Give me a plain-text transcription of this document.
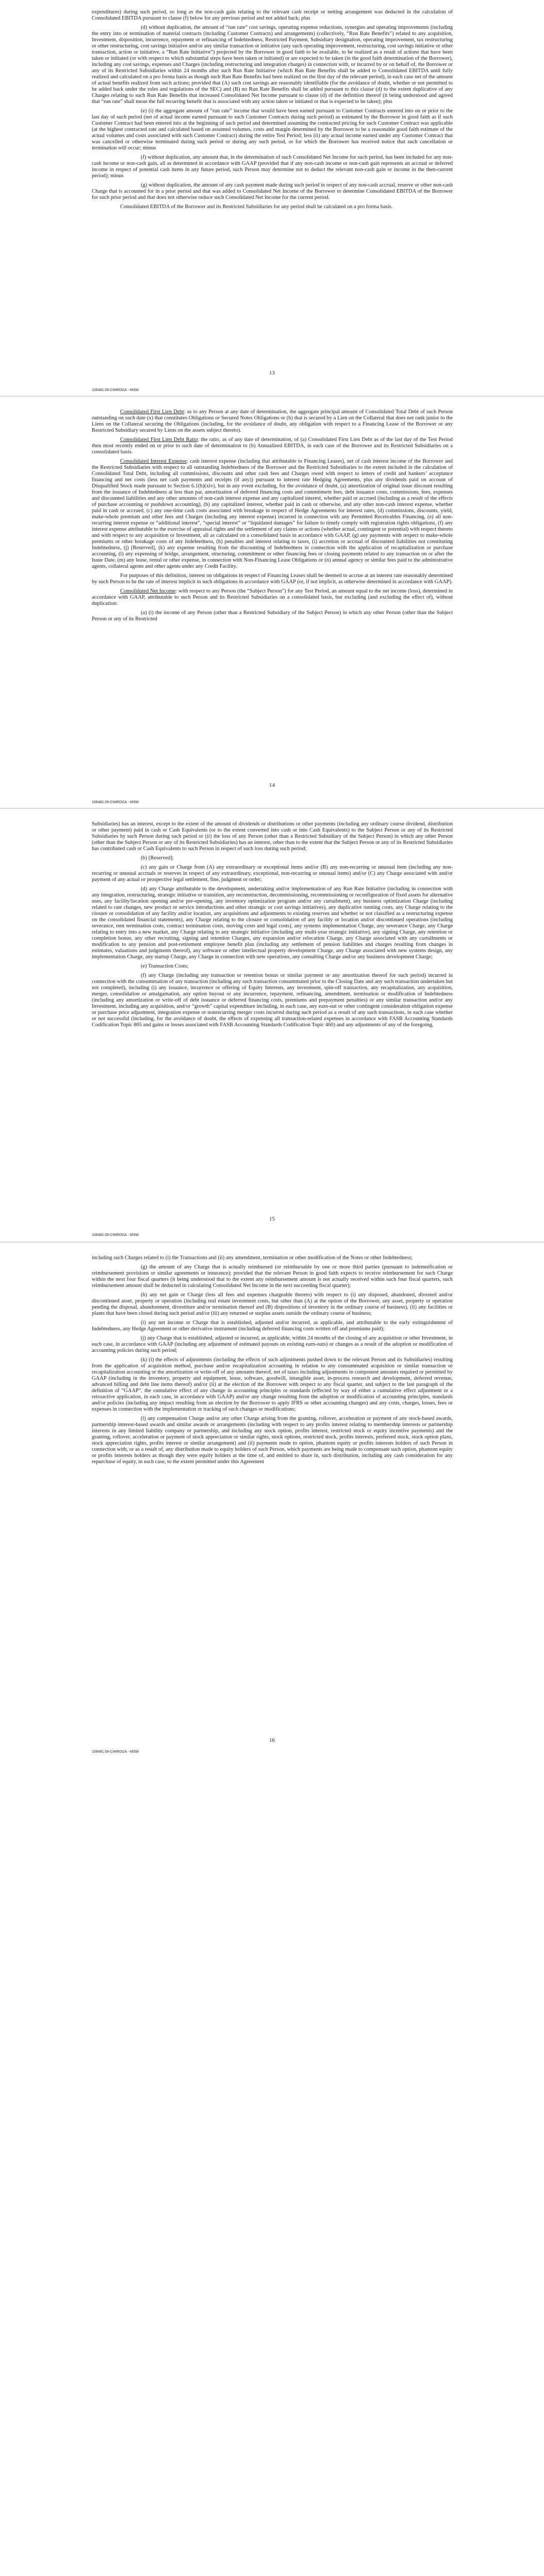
expenditures) during such period, so long as the non-cash gain relating to the relevant cash receipt or netting arrangement was deducted in the calculation of Consolidated EBITDA pursuant to clause (f) below for any previous period and not added back; plus

(d) without duplication, the amount of “run rate” cost savings, operating expense reductions, synergies and operating improvements (including the entry into or termination of material contracts (including Customer Contracts) and arrangements) (collectively, “Run Rate Benefits”) related to any acquisition, Investment, disposition, incurrence, repayment or refinancing of Indebtedness, Restricted Payment, Subsidiary designation, operating improvement, tax restructuring or other restructuring, cost savings initiative and/or any similar transaction or initiative (any such operating improvement, restructuring, cost savings initiative or other transaction, action or initiative, a “Run Rate Initiative”) projected by the Borrower in good faith to be available, to be realized as a result of actions that have been taken or initiated (or with respect to which substantial steps have been taken or initiated) or are expected to be taken (in the good faith determination of the Borrower), including any cost savings, expenses and Charges (including restructuring and integration charges) in connection with, or incurred by or on behalf of, the Borrower or any of its Restricted Subsidiaries within 24 months after such Run Rate Initiative (which Run Rate Benefits shall be added to Consolidated EBITDA until fully realized and calculated on a pro forma basis as though such Run Rate Benefits had been realized on the first day of the relevant period), in each case net of the amount of actual benefits realized from such actions; provided that (A) such cost savings are reasonably identifiable (for the avoidance of doubt, whether or not permitted to be added back under the rules and regulations of the SEC) and (B) no Run Rate Benefits shall be added pursuant to this clause (d) to the extent duplicative of any Charges relating to such Run Rate Benefits that increased Consolidated Net Income pursuant to clause (d) of the definition thereof (it being understood and agreed that “run rate” shall mean the full recurring benefit that is associated with any action taken or initiated or that is expected to be taken); plus

(e) (i) the aggregate amount of “run rate” income that would have been earned pursuant to Customer Contracts entered into on or prior to the last day of such period (net of actual income earned pursuant to such Customer Contracts during such period) as estimated by the Borrower in good faith as if such Customer Contract had been entered into at the beginning of such period and determined assuming the contracted pricing for such Customer Contract was applicable (at the highest contracted rate and calculated based on assumed volumes, costs and margin determined by the Borrower to be a reasonable good faith estimate of the actual volumes and costs associated with such Customer Contract) during the entire Test Period; less (ii) any actual income earned under any Customer Contract that was cancelled or otherwise terminated during such period or during any such period, or for which the Borrower has received notice that such cancellation or termination will occur; minus

(f) without duplication, any amount that, in the determination of such Consolidated Net Income for such period, has been included for any non-cash income or non-cash gain, all as determined in accordance with GAAP (provided that if any non-cash income or non-cash gain represents an accrual or deferred income in respect of potential cash items in any future period, such Person may determine not to deduct the relevant non-cash gain or income in the then-current period); minus

(g) without duplication, the amount of any cash payment made during such period in respect of any non-cash accrual, reserve or other non-cash Charge that is accounted for in a prior period and that was added to Consolidated Net Income of the Borrower to determine Consolidated EBITDA of the Borrower for such prior period and that does not otherwise reduce such Consolidated Net Income for the current period.

Consolidated EBITDA of the Borrower and its Restricted Subsidiaries for any period shall be calculated on a pro forma basis.

13
106481.06-CHIROGA - MSW

Consolidated First Lien Debt: as to any Person at any date of determination, the aggregate principal amount of Consolidated Total Debt of such Person outstanding on such date (x) that constitutes Obligations or Secured Notes Obligations or (b) that is secured by a Lien on the Collateral that does not rank junior to the Liens on the Collateral securing the Obligations (including, for the avoidance of doubt, any obligation with respect to a Financing Lease of the Borrower or any Restricted Subsidiary secured by Liens on the assets subject thereto).

Consolidated First Lien Debt Ratio: the ratio, as of any date of determination, of (a) Consolidated First Lien Debt as of the last day of the Test Period then most recently ended on or prior to such date of determination to (b) Annualized EBITDA, in each case of the Borrower and its Restricted Subsidiaries on a consolidated basis.

Consolidated Interest Expense: cash interest expense (including that attributable to Financing Leases), net of cash interest income of the Borrower and the Restricted Subsidiaries with respect to all outstanding Indebtedness of the Borrower and the Restricted Subsidiaries to the extent included in the calculation of Consolidated Total Debt, including all commissions, discounts and other cash fees and Charges owed with respect to letters of credit and bankers’ acceptance financing and net costs (less net cash payments and receipts (if any)) pursuant to interest rate Hedging Agreements, plus any dividends paid on account of Disqualified Stock made pursuant to Section 6.1(b)(xiv), but in any event excluding, for the avoidance of doubt, (a) amortization of original issue discount resulting from the issuance of Indebtedness at less than par, amortization of deferred financing costs and commitment fees, debt issuance costs, commissions, fees, expenses and discounted liabilities and any other amounts of non-cash interest expense and any capitalized interest, whether paid or accrued (including as a result of the effects of purchase accounting or pushdown accounting), (b) any capitalized interest, whether paid in cash or otherwise, and any other non-cash interest expense, whether paid in cash or accrued, (c) any one-time cash costs associated with breakage in respect of Hedge Agreements for interest rates, (d) commissions, discounts, yield, make-whole premium and other fees and Charges (including any interest expense) incurred in connection with any Permitted Receivables Financing, (e) all non-recurring interest expense or “additional interest”, “special interest” or “liquidated damages” for failure to timely comply with registration rights obligations, (f) any interest expense attributable to the exercise of appraisal rights and the settlement of any claims or actions (whether actual, contingent or potential) with respect thereto and with respect to any acquisition or Investment, all as calculated on a consolidated basis in accordance with GAAP, (g) any payments with respect to make-whole premiums or other breakage costs of any Indebtedness, (h) penalties and interest relating to taxes, (i) accretion or accrual of discounted liabilities not constituting Indebtedness, (j) [Reserved], (k) any expense resulting from the discounting of Indebtedness in connection with the application of recapitalization or purchase accounting, (l) any expensing of bridge, arrangement, structuring, commitment or other financing fees or closing payments related to any transaction on or after the Issue Date, (m) any lease, rental or other expense, in connection with Non-Financing Lease Obligations or (n) annual agency or similar fees paid to the administrative agents, collateral agents and other agents under any Credit Facility.

For purposes of this definition, interest on obligations in respect of Financing Leases shall be deemed to accrue at an interest rate reasonably determined by such Person to be the rate of interest implicit in such obligations in accordance with GAAP (or, if not implicit, as otherwise determined in accordance with GAAP).

Consolidated Net Income: with respect to any Person (the “Subject Person”) for any Test Period, an amount equal to the net income (loss), determined in accordance with GAAP, attributable to such Person and its Restricted Subsidiaries on a consolidated basis, but excluding (and excluding the effect of), without duplication:

(a) (i) the income of any Person (other than a Restricted Subsidiary of the Subject Person) in which any other Person (other than the Subject Person or any of its Restricted

14
106481.06-CHIROGA - MSW

Subsidiaries) has an interest, except to the extent of the amount of dividends or distributions or other payments (including any ordinary course dividend, distribution or other payment) paid in cash or Cash Equivalents (or to the extent converted into cash or into Cash Equivalents) to the Subject Person or any of its Restricted Subsidiaries by such Person during such period or (ii) the loss of any Person (other than a Restricted Subsidiary of the Subject Person) in which any other Person (other than the Subject Person or any of its Restricted Subsidiaries) has an interest, other than to the extent that the Subject Person or any of its Restricted Subsidiaries has contributed cash or Cash Equivalents to such Person in respect of such loss during such period;

(b) [Reserved];

(c) any gain or Charge from (A) any extraordinary or exceptional items and/or (B) any non-recurring or unusual item (including any non-recurring or unusual accruals or reserves in respect of any extraordinary, exceptional, non-recurring or unusual items) and/or (C) any Charge associated with and/or payment of any actual or prospective legal settlement, fine, judgment or order;

(d) any Charge attributable to the development, undertaking and/or implementation of any Run Rate Initiative (including in connection with any integration, restructuring, strategic initiative or transition, any reconstruction, decommissioning, recommissioning or reconfiguration of fixed assets for alternative uses, any facility/location opening and/or pre-opening, any inventory optimization program and/or any curtailment), any business optimization Charge (including related to rate changes, new product or service introductions and other strategic or cost savings initiatives), any duplicative running costs, any Charge relating to the closure or consolidation of any facility and/or location, any acquisitions and adjustments to existing reserves and whether or not classified as a restructuring expense on the consolidated financial statements), any Charge relating to the closure or consolidation of any facility or location and/or discontinued operations (including severance, rent termination costs, contract termination costs, moving costs and legal costs), any systems implementation Charge, any severance Charge, any Charge relating to entry into a new market, any Charge relating to any strategic initiative (including any multi-year strategic initiative), any signing Charge, any retention or completion bonus, any other recruiting, signing and retention Charges, any expansion and/or relocation Charge, any Charge associated with any curtailments or modification to any pension and post-retirement employee benefit plan (including any settlement of pension liabilities and charges resulting from changes in estimates, valuations and judgments thereof), any software or other intellectual property development Charge, any Charge associated with new systems design, any implementation Charge, any startup Charge, any Charge in connection with new operations, any consulting Charge and/or any business development Charge;

(e) Transaction Costs;

(f) any Charge (including any transaction or retention bonus or similar payment or any amortization thereof for such period) incurred in connection with the consummation of any transaction (including any such transaction consummated prior to the Closing Date and any such transaction undertaken but not completed), including (i) any issuance, incurrence or offering of Equity Interests, any investment, spin-off transaction, any recapitalization, any acquisition, merger, consolidation or amalgamation, any option buyout or any incurrence, repayment, refinancing, amendment, termination or modification of Indebtedness (including any amortization or write-off of debt issuance or deferred financing costs, premiums and prepayment penalties) or any similar transaction and/or any Investment, including any acquisition, and/or “growth” capital expenditure including, in each case, any earn-out or other contingent consideration obligation expense or purchase price adjustment, integration expense or nonrecurring merger costs incurred during such period as a result of any such transactions, in each case whether or not successful (including, for the avoidance of doubt, the effects of expensing all transaction-related expenses in accordance with FASB Accounting Standards Codification Topic 805 and gains or losses associated with FASB Accounting Standards Codification Topic 460) and any adjustments of any of the foregoing,

15
106481.06-CHIROGA - MSW

including such Charges related to (i) the Transactions and (ii) any amendment, termination or other modification of the Notes or other Indebtedness;

(g) the amount of any Charge that is actually reimbursed (or reimbursable by one or more third parties (pursuant to indemnification or reimbursement provisions or similar agreements or insurance); provided that the relevant Person in good faith expects to receive reimbursement for such Charge within the next four fiscal quarters (it being understood that to the extent any reimbursement amount is not actually received within such four fiscal quarters, such reimbursement amount shall be deducted in calculating Consolidated Net Income in the next succeeding fiscal quarter);

(h) any net gain or Charge (less all fees and expenses chargeable thereto) with respect to (i) any disposed, abandoned, divested and/or discontinued asset, property or operation (including real estate investment costs, but other than (A) at the option of the Borrower, any asset, property or operation pending the disposal, abandonment, divestiture and/or termination thereof and (B) dispositions of inventory in the ordinary course of business), (ii) any facilities or plants that have been closed during such period and/or (iii) any returned or surplus assets outside the ordinary course of business;

(i) any net income or Charge that is established, adjusted and/or incurred, as applicable, and attributable to the early extinguishment of Indebtedness, any Hedge Agreement or other derivative instrument (including deferred financing costs written off and premiums paid);

(j) any Charge that is established, adjusted or incurred, as applicable, within 24 months of the closing of any acquisition or other Investment, in each case, in accordance with GAAP (including any adjustment of estimated payouts on existing earn-outs) or changes as a result of the adoption or modification of accounting policies during such period;

(k) (i) the effects of adjustments (including the effects of such adjustments pushed down to the relevant Person and its Subsidiaries) resulting from the application of acquisition method, purchase and/or recapitalization accounting in relation to any consummated acquisition or similar transaction or recapitalization accounting or the amortization or write-off of any amounts thereof, net of taxes including adjustments in component amounts required or permitted by GAAP (including in the inventory, property and equipment, lease, software, goodwill, intangible asset, in-process research and development, deferred revenue, advanced billing and debt line items thereof) and/or (ii) at the election of the Borrower with respect to any fiscal quarter, and subject to the last paragraph of the definition of “GAAP”, the cumulative effect of any change in accounting principles or standards (effected by way of either a cumulative effect adjustment or a retroactive application, in each case, in accordance with GAAP) and/or any change resulting from the adoption or modification of accounting principles, standards and/or policies (including any impact resulting from an election by the Borrower to apply IFRS or other accounting changes) and any costs, charges, losses, fees or expenses in connection with the implementation or tracking of such changes or modifications;

(l) any compensation Charge and/or any other Charge arising from the granting, rollover, acceleration or payment of any stock-based awards, partnership interest-based awards and similar awards or arrangements (including with respect to any profits interest relating to membership interests or partnership interests in any limited liability company or partnership, and including any stock option, profits interest, restricted stock or equity incentive payments) and the granting, rollover, acceleration or payment of stock appreciation or similar rights, stock options, restricted stock, profits interests, preferred stock, stock option plans, stock appreciation rights, profits interest or similar arrangement) and (ii) payments made to option, phantom equity or profits interests holders of such Person in connection with, or as a result of, any distribution made to equity holders of such Person, which payments are being made to compensate such option, phantom equity or profits interests holders as though they were equity holders at the time of, and entitled to share in, such distribution, including any cash consideration for any repurchase of equity, in each case, to the extent permitted under this Agreement

16
106481.06-CHIROGA - MSW
